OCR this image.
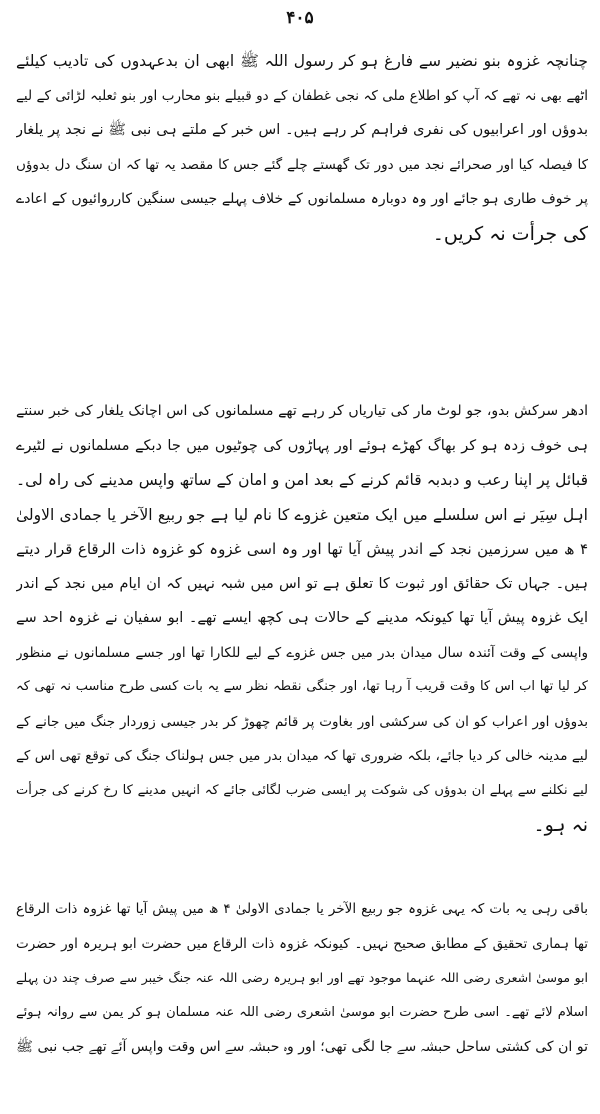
۴۰۵
چنانچہ غزوہ بنو نضیر سے فارغ ہو کر رسول اللہ ﷺ ابھی ان بدعہدوں کی تادیب کیلئے
اٹھے بھی نہ تھے کہ آپ کو اطلاع ملی کہ نجی غطفان کے دو قبیلے بنو محارب اور بنو ثعلبہ لڑائی کے لیے
بدوؤں اور اعرابیوں کی نفری فراہم کر رہے ہیں۔ اس خبر کے ملتے ہی نبی ﷺ نے نجد پر یلغار
کا فیصلہ کیا اور صحرائے نجد میں دور تک گھستے چلے گئے جس کا مقصد یہ تھا کہ ان سنگ دل بدوؤں
پر خوف طاری ہو جائے اور وہ دوبارہ مسلمانوں کے خلاف پہلے جیسی سنگین کارروائیوں کے اعادے
کی جرأت نہ کریں۔
ادھر سرکش بدو، جو لوٹ مار کی تیاریاں کر رہے تھے مسلمانوں کی اس اچانک یلغار کی خبر سنتے
ہی خوف زدہ ہو کر بھاگ کھڑے ہوئے اور پہاڑوں کی چوٹیوں میں جا دبکے مسلمانوں نے لٹیرے
قبائل پر اپنا رعب و دبدبہ قائم کرنے کے بعد امن و امان کے ساتھ واپس مدینے کی راہ لی۔
اہل سِیَر نے اس سلسلے میں ایک متعین غزوے کا نام لیا ہے جو ربیع الآخر یا جمادی الاولیٰ
۴ ھ میں سرزمین نجد کے اندر پیش آیا تھا اور وہ اسی غزوہ کو غزوہ ذات الرقاع قرار دیتے
ہیں۔ جہاں تک حقائق اور ثبوت کا تعلق ہے تو اس میں شبہ نہیں کہ ان ایام میں نجد کے اندر
ایک غزوہ پیش آیا تھا کیونکہ مدینے کے حالات ہی کچھ ایسے تھے۔ ابو سفیان نے غزوہ احد سے
واپسی کے وقت آئندہ سال میدان بدر میں جس غزوے کے لیے للکارا تھا اور جسے مسلمانوں نے منظور
کر لیا تھا اب اس کا وقت قریب آ رہا تھا، اور جنگی نقطہ نظر سے یہ بات کسی طرح مناسب نہ تھی کہ
بدوؤں اور اعراب کو ان کی سرکشی اور بغاوت پر قائم چھوڑ کر بدر جیسی زوردار جنگ میں جانے کے
لیے مدینہ خالی کر دیا جائے، بلکہ ضروری تھا کہ میدان بدر میں جس ہولناک جنگ کی توقع تھی اس کے
لیے نکلنے سے پہلے ان بدوؤں کی شوکت پر ایسی ضرب لگائی جائے کہ انہیں مدینے کا رخ کرنے کی جرأت
نہ ہو۔
باقی رہی یہ بات کہ یہی غزوہ جو ربیع الآخر یا جمادی الاولیٰ ۴ ھ میں پیش آیا تھا غزوہ ذات الرقاع
تھا ہماری تحقیق کے مطابق صحیح نہیں۔ کیونکہ غزوہ ذات الرقاع میں حضرت ابو ہریرہ اور حضرت
ابو موسیٰ اشعری رضی اللہ عنہما موجود تھے اور ابو ہریرہ رضی اللہ عنہ جنگ خیبر سے صرف چند دن پہلے
اسلام لائے تھے۔ اسی طرح حضرت ابو موسیٰ اشعری رضی اللہ عنہ مسلمان ہو کر یمن سے روانہ ہوئے
تو ان کی کشتی ساحل حبشہ سے جا لگی تھی؛ اور وہ حبشہ سے اس وقت واپس آئے تھے جب نبی ﷺ
